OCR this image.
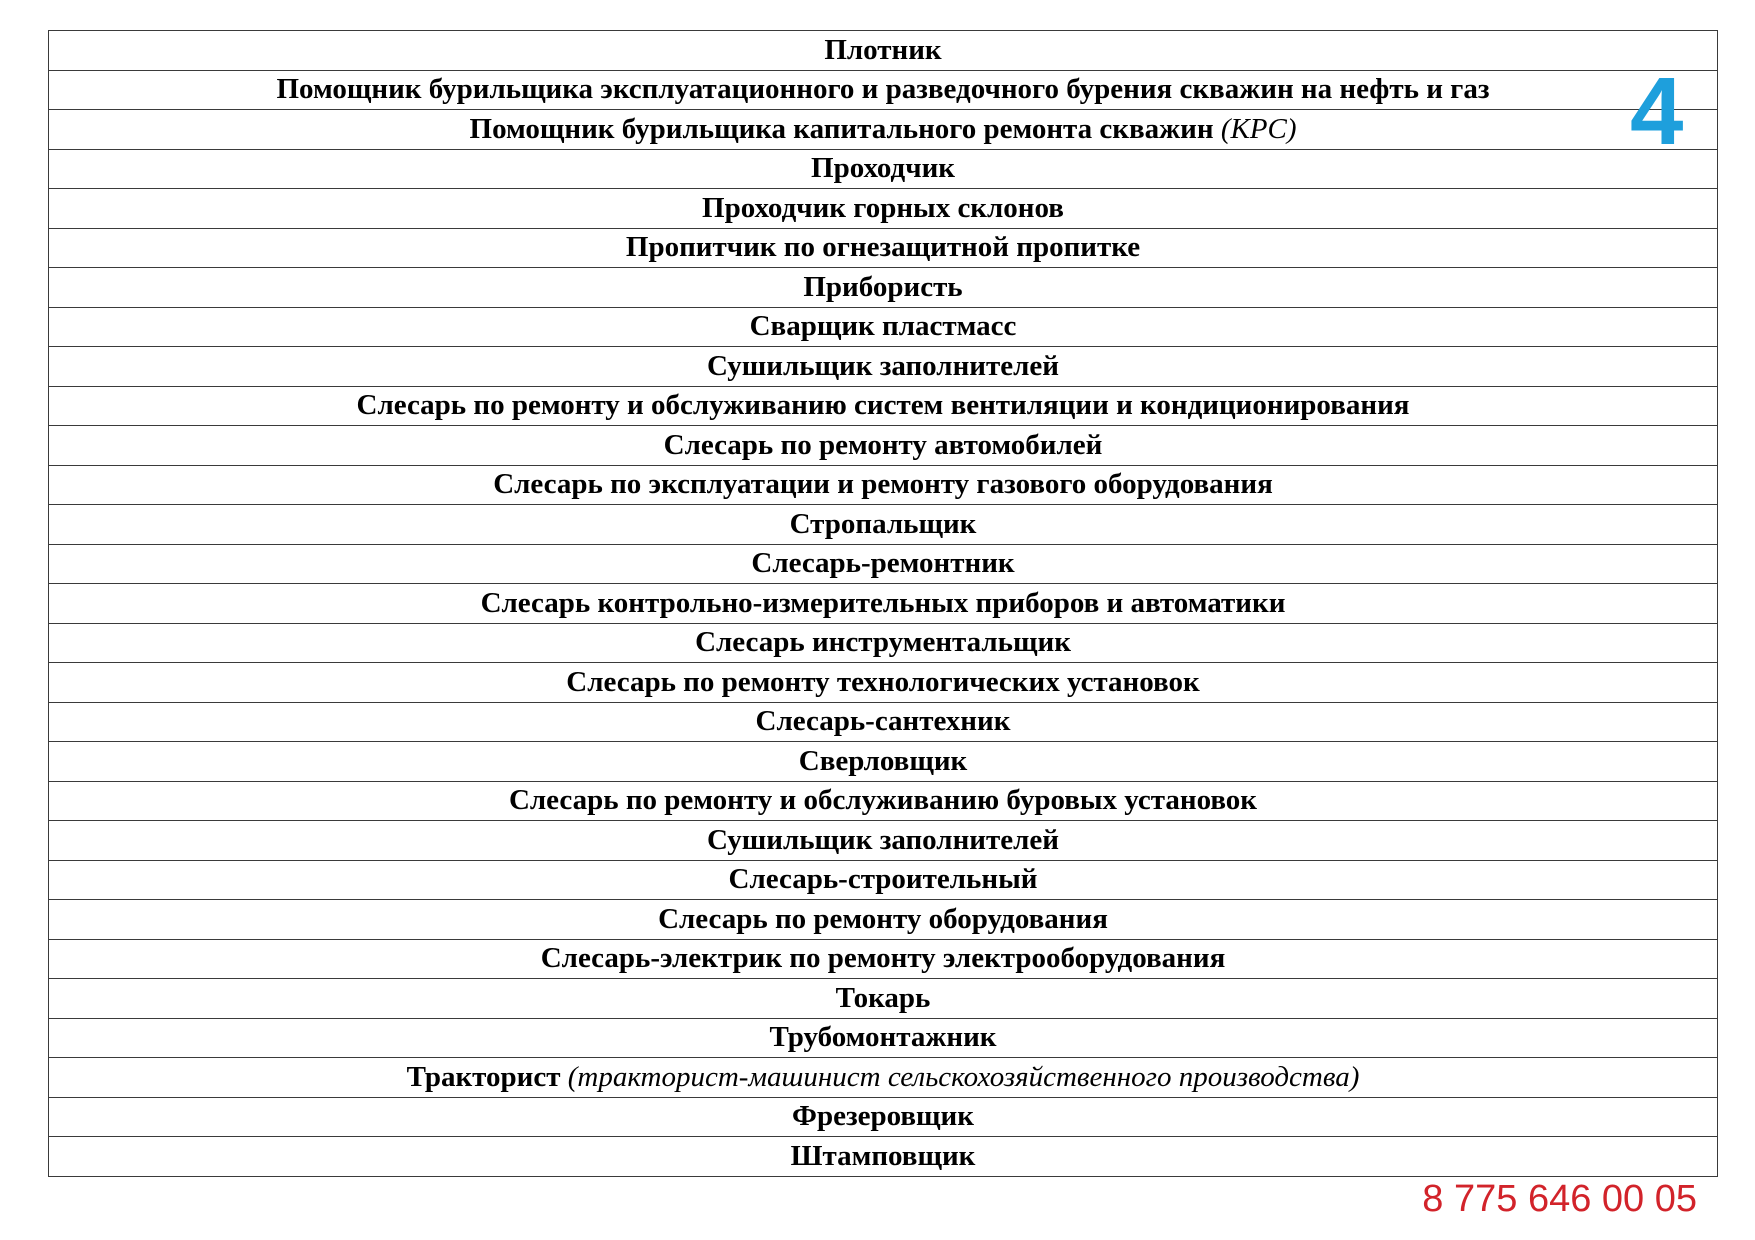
Плотник
Помощник бурильщика эксплуатационного и разведочного бурения скважин на нефть и газ
Помощник бурильщика капитального ремонта скважин (КРС)
Проходчик
Проходчик горных склонов
Пропитчик по огнезащитной пропитке
Прибористь
Сварщик пластмасс
Сушильщик заполнителей
Слесарь по ремонту и обслуживанию систем вентиляции и кондиционирования
Слесарь по ремонту автомобилей
Слесарь по эксплуатации и ремонту газового оборудования
Стропальщик
Слесарь-ремонтник
Слесарь контрольно-измерительных приборов и автоматики
Слесарь инструментальщик
Слесарь по ремонту технологических установок
Слесарь-сантехник
Сверловщик
Слесарь по ремонту и обслуживанию буровых установок
Сушильщик заполнителей
Слесарь-строительный
Слесарь по ремонту оборудования
Слесарь-электрик по ремонту электрооборудования
Токарь
Трубомонтажник
Тракторист (тракторист-машинист сельскохозяйственного производства)
Фрезеровщик
Штамповщик
4
8 775 646 00 05
